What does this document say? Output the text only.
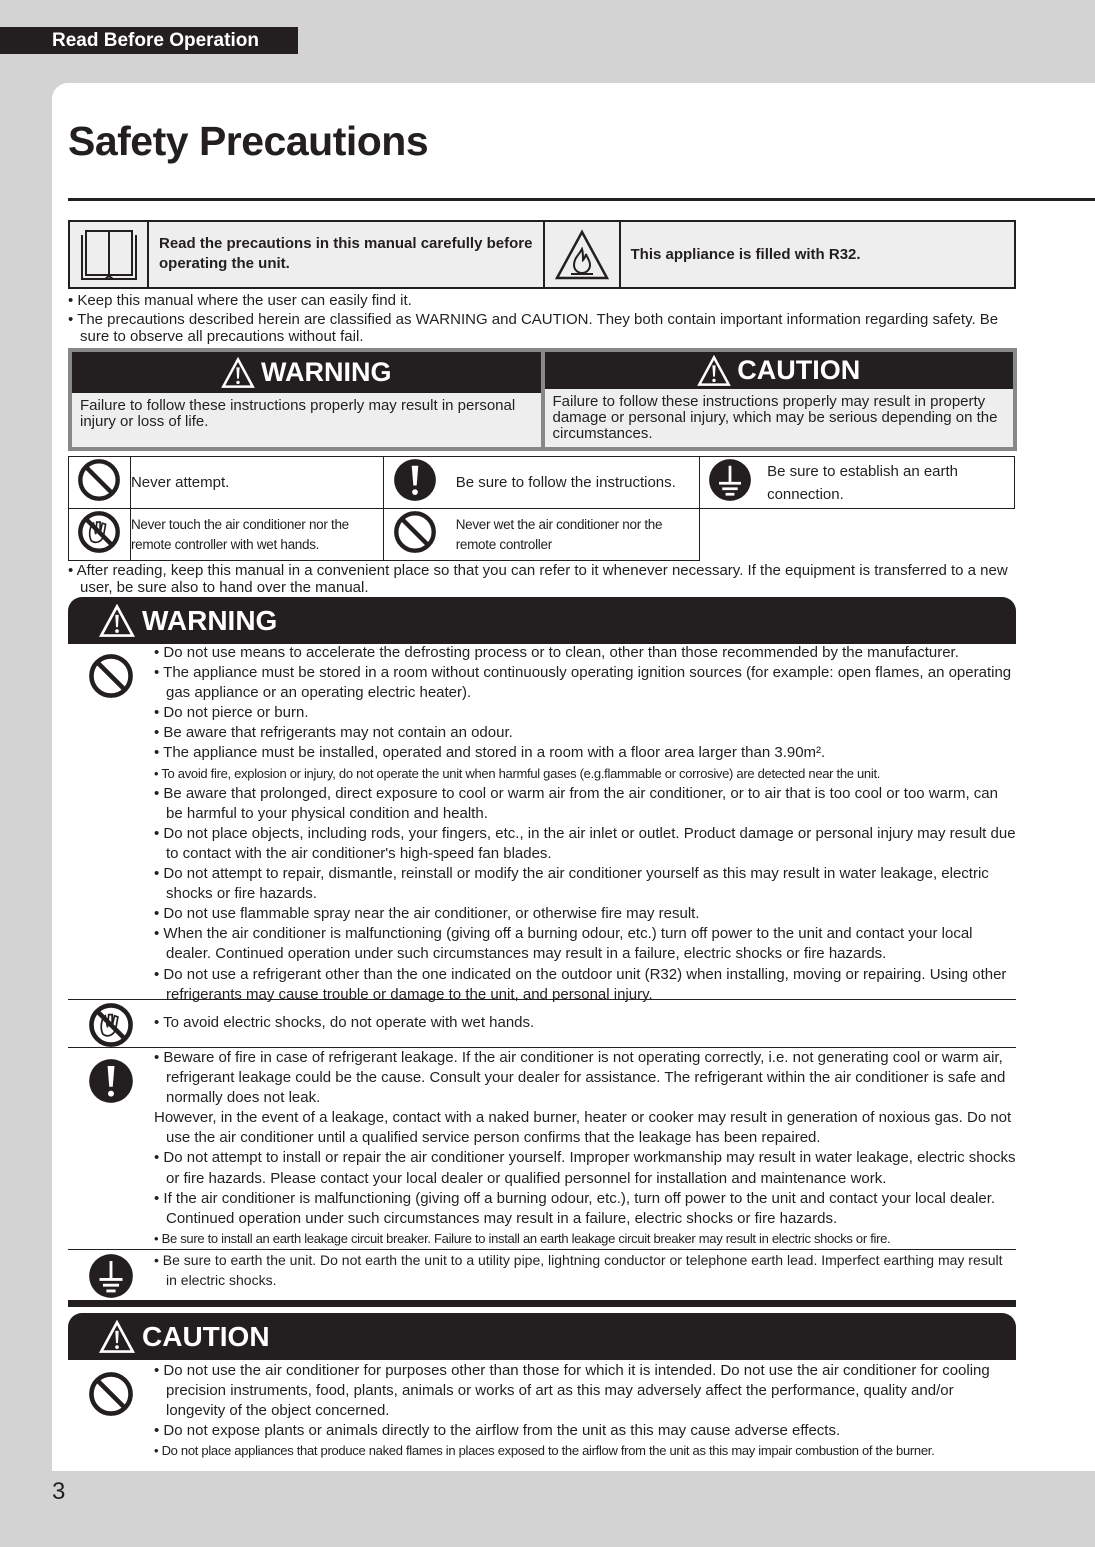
Read Before Operation
Safety Precautions
Read the precautions in this manual carefully before operating the unit.
This appliance is filled with R32.

• Keep this manual where the user can easily find it.

• The precautions described herein are classified as WARNING and CAUTION. They both contain important information regarding safety. Be sure to observe all precautions without fail.

WARNING
Failure to follow these instructions properly may result in personal injury or loss of life.
CAUTION
Failure to follow these instructions properly may result in property damage or personal injury, which may be serious depending on the circumstances.
	Never attempt.		Be sure to follow the instructions.		Be sure to establish an earth connection.
	Never touch the air conditioner nor the remote controller with wet hands.		Never wet the air conditioner nor the remote controller		

• After reading, keep this manual in a convenient place so that you can refer to it whenever necessary. If the equipment is transferred to a new user, be sure also to hand over the manual.

WARNING
• Do not use means to accelerate the defrosting process or to clean, other than those recommended by the manufacturer.
• The appliance must be stored in a room without continuously operating ignition sources (for example: open flames, an operating gas appliance or an operating electric heater).
• Do not pierce or burn.
• Be aware that refrigerants may not contain an odour.
• The appliance must be installed, operated and stored in a room with a floor area larger than 3.90m².
• To avoid fire, explosion or injury, do not operate the unit when harmful gases (e.g.flammable or corrosive) are detected near the unit.
• Be aware that prolonged, direct exposure to cool or warm air from the air conditioner, or to air that is too cool or too warm, can be harmful to your physical condition and health.
• Do not place objects, including rods, your fingers, etc., in the air inlet or outlet. Product damage or personal injury may result due to contact with the air conditioner's high-speed fan blades.
• Do not attempt to repair, dismantle, reinstall or modify the air conditioner yourself as this may result in water leakage, electric shocks or fire hazards.
• Do not use flammable spray near the air conditioner, or otherwise fire may result.
• When the air conditioner is malfunctioning (giving off a burning odour, etc.) turn off power to the unit and contact your local dealer. Continued operation under such circumstances may result in a failure, electric shocks or fire hazards.
• Do not use a refrigerant other than the one indicated on the outdoor unit (R32) when installing, moving or repairing. Using other refrigerants may cause trouble or damage to the unit, and personal injury.
• To avoid electric shocks, do not operate with wet hands.
• Beware of fire in case of refrigerant leakage. If the air conditioner is not operating correctly, i.e. not generating cool or warm air, refrigerant leakage could be the cause. Consult your dealer for assistance. The refrigerant within the air conditioner is safe and normally does not leak.
However, in the event of a leakage, contact with a naked burner, heater or cooker may result in generation of noxious gas. Do not use the air conditioner until a qualified service person confirms that the leakage has been repaired.
• Do not attempt to install or repair the air conditioner yourself. Improper workmanship may result in water leakage, electric shocks or fire hazards. Please contact your local dealer or qualified personnel for installation and maintenance work.
• If the air conditioner is malfunctioning (giving off a burning odour, etc.), turn off power to the unit and contact your local dealer. Continued operation under such circumstances may result in a failure, electric shocks or fire hazards.
• Be sure to install an earth leakage circuit breaker. Failure to install an earth leakage circuit breaker may result in electric shocks or fire.
• Be sure to earth the unit. Do not earth the unit to a utility pipe, lightning conductor or telephone earth lead. Imperfect earthing may result in electric shocks.
CAUTION
• Do not use the air conditioner for purposes other than those for which it is intended. Do not use the air conditioner for cooling precision instruments, food, plants, animals or works of art as this may adversely affect the performance, quality and/or longevity of the object concerned.
• Do not expose plants or animals directly to the airflow from the unit as this may cause adverse effects.
• Do not place appliances that produce naked flames in places exposed to the airflow from the unit as this may impair combustion of the burner.
3
